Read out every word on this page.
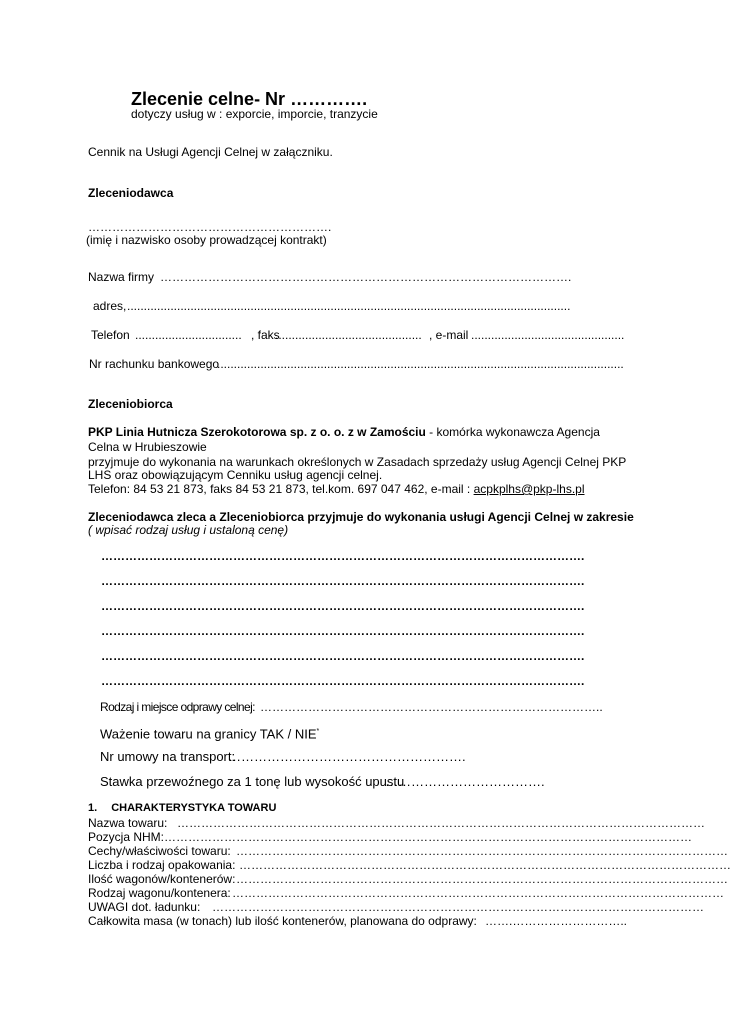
Zlecenie celne- Nr ………….
dotyczy usług w : exporcie, imporcie, tranzycie
Cennik na Usługi Agencji Celnej w załączniku.
Zleceniodawca
…………………………………………………….
(imię i nazwisko osoby prowadzącej kontrakt)
Nazwa firmy ………………………………………………………………………………………….
adres, .....................................................................................................................................
Telefon ................................ , faks
............................................ , e-mail ..............................................
Nr rachunku bankowego
..........................................................................................................................
Zleceniobiorca
PKP Linia Hutnicza Szerokotorowa sp. z o. o. z w Zamościu - komórka wykonawcza Agencja
Celna w Hrubieszowie
przyjmuje do wykonania na warunkach określonych w Zasadach sprzedaży usług Agencji Celnej PKP
LHS oraz obowiązującym Cenniku usług agencji celnej.
Telefon: 84 53 21 873, faks 84 53 21 873, tel.kom. 697 047 462, e-mail : acpkplhs@pkp-lhs.pl
Zleceniodawca zleca a Zleceniobiorca przyjmuje do wykonania usługi Agencji Celnej w zakresie
( wpisać rodzaj usług i ustaloną cenę)
………………………………………………………………………………………………………….
………………………………………………………………………………………………………….
………………………………………………………………………………………………………….
………………………………………………………………………………………………………….
………………………………………………………………………………………………………….
………………………………………………………………………………………………………….
Rodzaj i miejsce odprawy celnej: …………………………………………………………………………..
Ważenie towaru na granicy TAK / NIE*
Nr umowy na transport:
……………………………………………….
Stawka przewoźnego za 1 tonę lub wysokość upustu
……………………………….
1. CHARAKTERYSTYKA TOWARU
Nazwa towaru: ……………………………………………………………………………………………………………………
Pozycja NHM: ……………………………………………………………………………………………………………………
Cechy/właściwości towaru: ……………………………………………………………………………………………………………
Liczba i rodzaj opakowania: ……………………………………………………………………………………………………………
Ilość wagonów/kontenerów: ……………………………………………………………………………………………………………
Rodzaj wagonu/kontenera: ……………………………………………………………………………………………………………
UWAGI dot. ładunku: ……………………………………………………………………………………………………………
Całkowita masa (w tonach) lub ilość kontenerów, planowana do odprawy: …….………………………..
